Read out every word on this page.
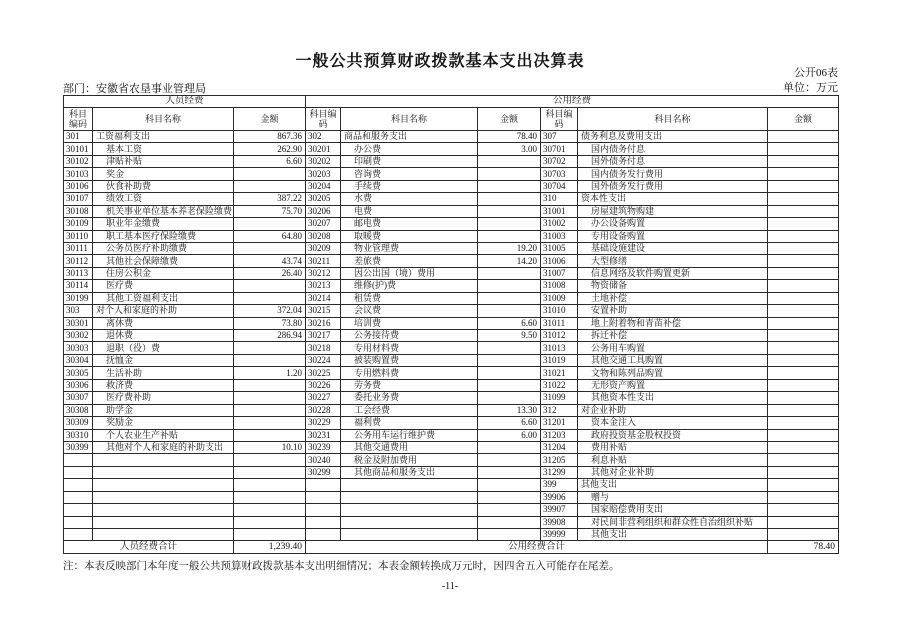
一般公共预算财政拨款基本支出决算表
公开06表
单位：万元
部门：安徽省农垦事业管理局
人员经费			公用经费					
科目编码	科目名称	金额	科目编码	科目名称	金额	科目编码	科目名称	金额
301	工资福利支出	867.36	302	商品和服务支出	78.40	307	债务利息及费用支出	
30101	基本工资	262.90	30201	办公费	3.00	30701	国内债务付息	
30102	津贴补贴	6.60	30202	印刷费		30702	国外债务付息	
30103	奖金		30203	咨询费		30703	国内债务发行费用	
30106	伙食补助费		30204	手续费		30704	国外债务发行费用	
30107	绩效工资	387.22	30205	水费		310	资本性支出	
30108	机关事业单位基本养老保险缴费	75.70	30206	电费		31001	房屋建筑物购建	
30109	职业年金缴费		30207	邮电费		31002	办公设备购置	
30110	职工基本医疗保险缴费	64.80	30208	取暖费		31003	专用设备购置	
30111	公务员医疗补助缴费		30209	物业管理费	19.20	31005	基础设施建设	
30112	其他社会保障缴费	43.74	30211	差旅费	14.20	31006	大型修缮	
30113	住房公积金	26.40	30212	因公出国（境）费用		31007	信息网络及软件购置更新	
30114	医疗费		30213	维修(护)费		31008	物资储备	
30199	其他工资福利支出		30214	租赁费		31009	土地补偿	
303	对个人和家庭的补助	372.04	30215	会议费		31010	安置补助	
30301	离休费	73.80	30216	培训费	6.60	31011	地上附着物和青苗补偿	
30302	退休费	286.94	30217	公务接待费	9.50	31012	拆迁补偿	
30303	退职（役）费		30218	专用材料费		31013	公务用车购置	
30304	抚恤金		30224	被装购置费		31019	其他交通工具购置	
30305	生活补助	1.20	30225	专用燃料费		31021	文物和陈列品购置	
30306	救济费		30226	劳务费		31022	无形资产购置	
30307	医疗费补助		30227	委托业务费		31099	其他资本性支出	
30308	助学金		30228	工会经费	13.30	312	对企业补助	
30309	奖励金		30229	福利费	6.60	31201	资本金注入	
30310	个人农业生产补贴		30231	公务用车运行维护费	6.00	31203	政府投资基金股权投资	
30399	其他对个人和家庭的补助支出	10.10	30239	其他交通费用		31204	费用补贴	
			30240	税金及附加费用		31205	利息补贴	
			30299	其他商品和服务支出		31299	其他对企业补助	
						399	其他支出	
						39906	赠与	
						39907	国家赔偿费用支出	
						39908	对民间非营利组织和群众性自治组织补贴	
						39999	其他支出	
人员经费合计		1,239.40	公用经费合计					78.40
注：本表反映部门本年度一般公共预算财政拨款基本支出明细情况；本表金额转换成万元时，因四舍五入可能存在尾差。
-11-
